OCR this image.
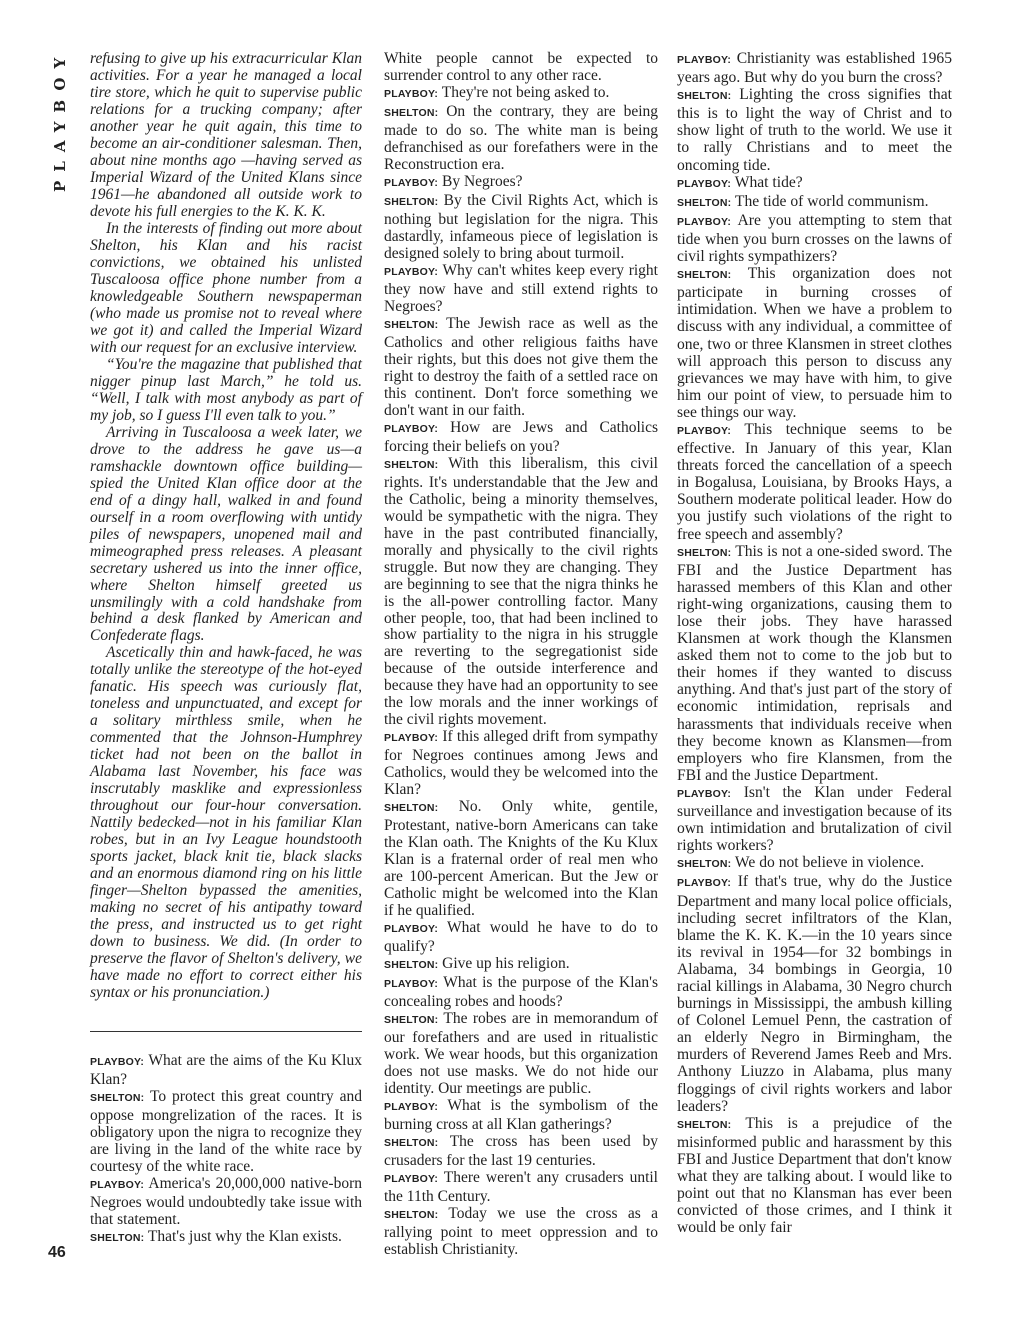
PLAYBOY
46

refusing to give up his extracurricular Klan activities. For a year he managed a local tire store, which he quit to supervise public relations for a trucking company; after another year he quit again, this time to become an air-conditioner salesman. Then, about nine months ago —having served as Imperial Wizard of the United Klans since 1961—he abandoned all outside work to devote his full energies to the K. K. K.

In the interests of finding out more about Shelton, his Klan and his racist convictions, we obtained his unlisted Tuscaloosa office phone number from a knowledgeable Southern newspaperman (who made us promise not to reveal where we got it) and called the Imperial Wizard with our request for an exclusive interview.

“You're the magazine that published that nigger pinup last March,” he told us. “Well, I talk with most anybody as part of my job, so I guess I'll even talk to you.”

Arriving in Tuscaloosa a week later, we drove to the address he gave us—a ramshackle downtown office building—spied the United Klan office door at the end of a dingy hall, walked in and found ourself in a room overflowing with untidy piles of newspapers, unopened mail and mimeographed press releases. A pleasant secretary ushered us into the inner office, where Shelton himself greeted us unsmilingly with a cold handshake from behind a desk flanked by American and Confederate flags.

Ascetically thin and hawk-faced, he was totally unlike the stereotype of the hot-eyed fanatic. His speech was curiously flat, toneless and unpunctuated, and except for a solitary mirthless smile, when he commented that the Johnson-Humphrey ticket had not been on the ballot in Alabama last November, his face was inscrutably masklike and expressionless throughout our four-hour conversation. Nattily bedecked—not in his familiar Klan robes, but in an Ivy League houndstooth sports jacket, black knit tie, black slacks and an enormous diamond ring on his little finger—Shelton bypassed the amenities, making no secret of his antipathy toward the press, and instructed us to get right down to business. We did. (In order to preserve the flavor of Shelton's delivery, we have made no effort to correct either his syntax or his pronunciation.)

PLAYBOY: What are the aims of the Ku Klux Klan?

SHELTON: To protect this great country and oppose mongrelization of the races. It is obligatory upon the nigra to recognize they are living in the land of the white race by courtesy of the white race.

PLAYBOY: America's 20,000,000 native-born Negroes would undoubtedly take issue with that statement.

SHELTON: That's just why the Klan exists.

White people cannot be expected to surrender control to any other race.

PLAYBOY: They're not being asked to.

SHELTON: On the contrary, they are being made to do so. The white man is being defranchised as our forefathers were in the Reconstruction era.

PLAYBOY: By Negroes?

SHELTON: By the Civil Rights Act, which is nothing but legislation for the nigra. This dastardly, infameous piece of legislation is designed solely to bring about turmoil.

PLAYBOY: Why can't whites keep every right they now have and still extend rights to Negroes?

SHELTON: The Jewish race as well as the Catholics and other religious faiths have their rights, but this does not give them the right to destroy the faith of a settled race on this continent. Don't force something we don't want in our faith.

PLAYBOY: How are Jews and Catholics forcing their beliefs on you?

SHELTON: With this liberalism, this civil rights. It's understandable that the Jew and the Catholic, being a minority themselves, would be sympathetic with the nigra. They have in the past contributed financially, morally and physically to the civil rights struggle. But now they are changing. They are beginning to see that the nigra thinks he is the all-power controlling factor. Many other people, too, that had been inclined to show partiality to the nigra in his struggle are reverting to the segregationist side because of the outside interference and because they have had an opportunity to see the low morals and the inner workings of the civil rights movement.

PLAYBOY: If this alleged drift from sympathy for Negroes continues among Jews and Catholics, would they be welcomed into the Klan?

SHELTON: No. Only white, gentile, Protestant, native-born Americans can take the Klan oath. The Knights of the Ku Klux Klan is a fraternal order of real men who are 100-percent American. But the Jew or Catholic might be welcomed into the Klan if he qualified.

PLAYBOY: What would he have to do to qualify?

SHELTON: Give up his religion.

PLAYBOY: What is the purpose of the Klan's concealing robes and hoods?

SHELTON: The robes are in memorandum of our forefathers and are used in ritualistic work. We wear hoods, but this organization does not use masks. We do not hide our identity. Our meetings are public.

PLAYBOY: What is the symbolism of the burning cross at all Klan gatherings?

SHELTON: The cross has been used by crusaders for the last 19 centuries.

PLAYBOY: There weren't any crusaders until the 11th Century.

SHELTON: Today we use the cross as a rallying point to meet oppression and to establish Christianity.

PLAYBOY: Christianity was established 1965 years ago. But why do you burn the cross?

SHELTON: Lighting the cross signifies that this is to light the way of Christ and to show light of truth to the world. We use it to rally Christians and to meet the oncoming tide.

PLAYBOY: What tide?

SHELTON: The tide of world communism.

PLAYBOY: Are you attempting to stem that tide when you burn crosses on the lawns of civil rights sympathizers?

SHELTON: This organization does not participate in burning crosses of intimidation. When we have a problem to discuss with any individual, a committee of one, two or three Klansmen in street clothes will approach this person to discuss any grievances we may have with him, to give him our point of view, to persuade him to see things our way.

PLAYBOY: This technique seems to be effective. In January of this year, Klan threats forced the cancellation of a speech in Bogalusa, Louisiana, by Brooks Hays, a Southern moderate political leader. How do you justify such violations of the right to free speech and assembly?

SHELTON: This is not a one-sided sword. The FBI and the Justice Department has harassed members of this Klan and other right-wing organizations, causing them to lose their jobs. They have harassed Klansmen at work though the Klansmen asked them not to come to the job but to their homes if they wanted to discuss anything. And that's just part of the story of economic intimidation, reprisals and harassments that individuals receive when they become known as Klansmen—from employers who fire Klansmen, from the FBI and the Justice Department.

PLAYBOY: Isn't the Klan under Federal surveillance and investigation because of its own intimidation and brutalization of civil rights workers?

SHELTON: We do not believe in violence.

PLAYBOY: If that's true, why do the Justice Department and many local police officials, including secret infiltrators of the Klan, blame the K. K. K.—in the 10 years since its revival in 1954—for 32 bombings in Alabama, 34 bombings in Georgia, 10 racial killings in Alabama, 30 Negro church burnings in Mississippi, the ambush killing of Colonel Lemuel Penn, the castration of an elderly Negro in Birmingham, the murders of Reverend James Reeb and Mrs. Anthony Liuzzo in Alabama, plus many floggings of civil rights workers and labor leaders?

SHELTON: This is a prejudice of the misinformed public and harassment by this FBI and Justice Department that don't know what they are talking about. I would like to point out that no Klansman has ever been convicted of those crimes, and I think it would be only fair
